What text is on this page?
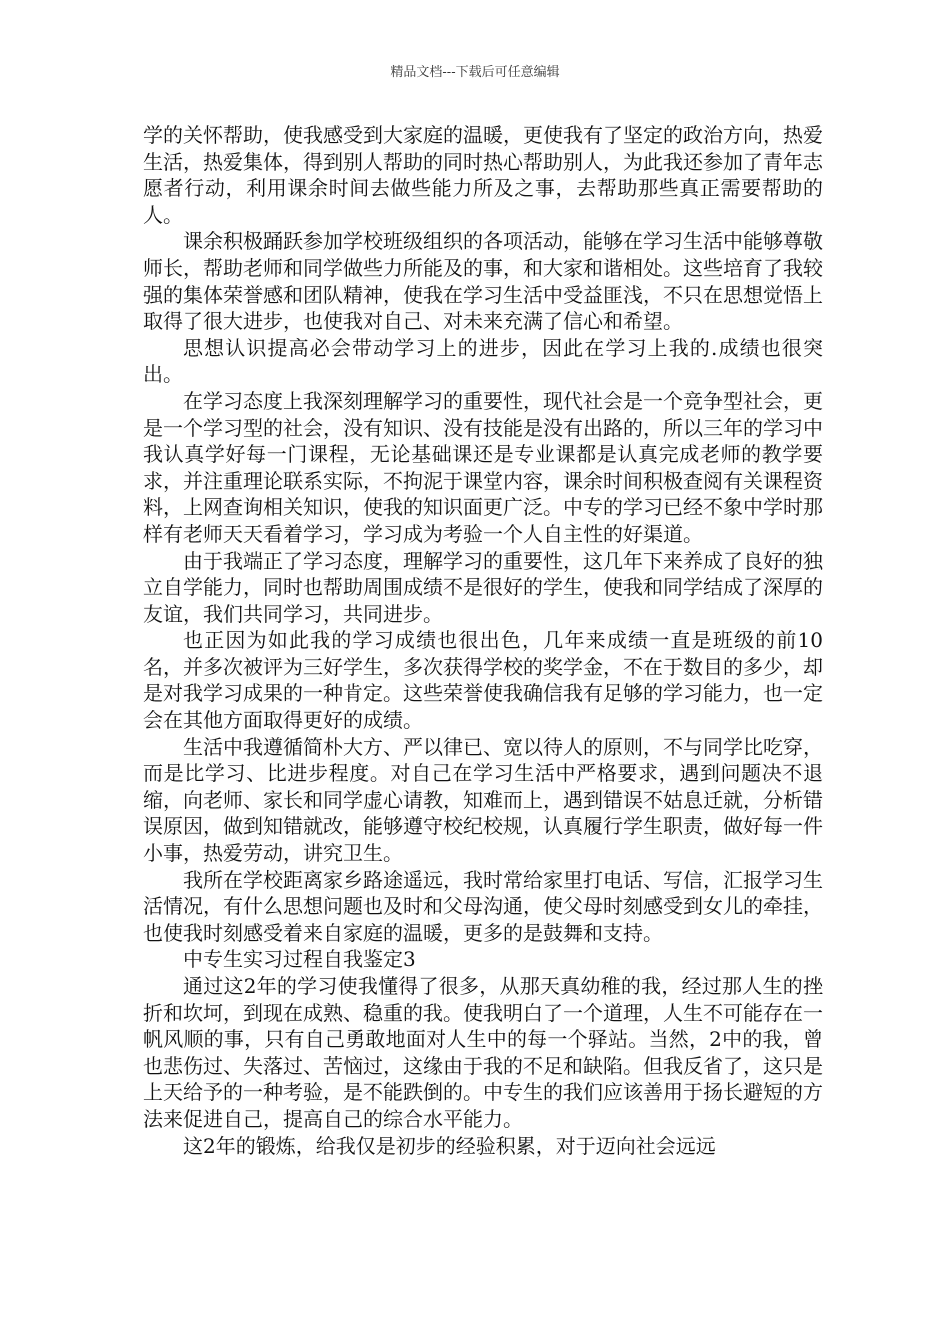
精品文档---下载后可任意编辑

学的关怀帮助，使我感受到大家庭的温暖，更使我有了坚定的政治方向，热爱生活，热爱集体，得到别人帮助的同时热心帮助别人，为此我还参加了青年志愿者行动，利用课余时间去做些能力所及之事，去帮助那些真正需要帮助的人。

课余积极踊跃参加学校班级组织的各项活动，能够在学习生活中能够尊敬师长，帮助老师和同学做些力所能及的事，和大家和谐相处。这些培育了我较强的集体荣誉感和团队精神，使我在学习生活中受益匪浅，不只在思想觉悟上取得了很大进步，也使我对自己、对未来充满了信心和希望。

思想认识提高必会带动学习上的进步，因此在学习上我的.成绩也很突出。

在学习态度上我深刻理解学习的重要性，现代社会是一个竞争型社会，更是一个学习型的社会，没有知识、没有技能是没有出路的，所以三年的学习中我认真学好每一门课程，无论基础课还是专业课都是认真完成老师的教学要求，并注重理论联系实际，不拘泥于课堂内容，课余时间积极查阅有关课程资料，上网查询相关知识，使我的知识面更广泛。中专的学习已经不象中学时那样有老师天天看着学习，学习成为考验一个人自主性的好渠道。

由于我端正了学习态度，理解学习的重要性，这几年下来养成了良好的独立自学能力，同时也帮助周围成绩不是很好的学生，使我和同学结成了深厚的友谊，我们共同学习，共同进步。

也正因为如此我的学习成绩也很出色，几年来成绩一直是班级的前10名，并多次被评为三好学生，多次获得学校的奖学金，不在于数目的多少，却是对我学习成果的一种肯定。这些荣誉使我确信我有足够的学习能力，也一定会在其他方面取得更好的成绩。

生活中我遵循简朴大方、严以律已、宽以待人的原则，不与同学比吃穿，而是比学习、比进步程度。对自己在学习生活中严格要求，遇到问题决不退缩，向老师、家长和同学虚心请教，知难而上，遇到错误不姑息迁就，分析错误原因，做到知错就改，能够遵守校纪校规，认真履行学生职责，做好每一件小事，热爱劳动，讲究卫生。

我所在学校距离家乡路途遥远，我时常给家里打电话、写信，汇报学习生活情况，有什么思想问题也及时和父母沟通，使父母时刻感受到女儿的牵挂，也使我时刻感受着来自家庭的温暖，更多的是鼓舞和支持。

中专生实习过程自我鉴定3

通过这2年的学习使我懂得了很多，从那天真幼稚的我，经过那人生的挫折和坎坷，到现在成熟、稳重的我。使我明白了一个道理，人生不可能存在一帆风顺的事，只有自己勇敢地面对人生中的每一个驿站。当然，2中的我，曾也悲伤过、失落过、苦恼过，这缘由于我的不足和缺陷。但我反省了，这只是上天给予的一种考验，是不能跌倒的。中专生的我们应该善用于扬长避短的方法来促进自己，提高自己的综合水平能力。

这2年的锻炼，给我仅是初步的经验积累，对于迈向社会远远
